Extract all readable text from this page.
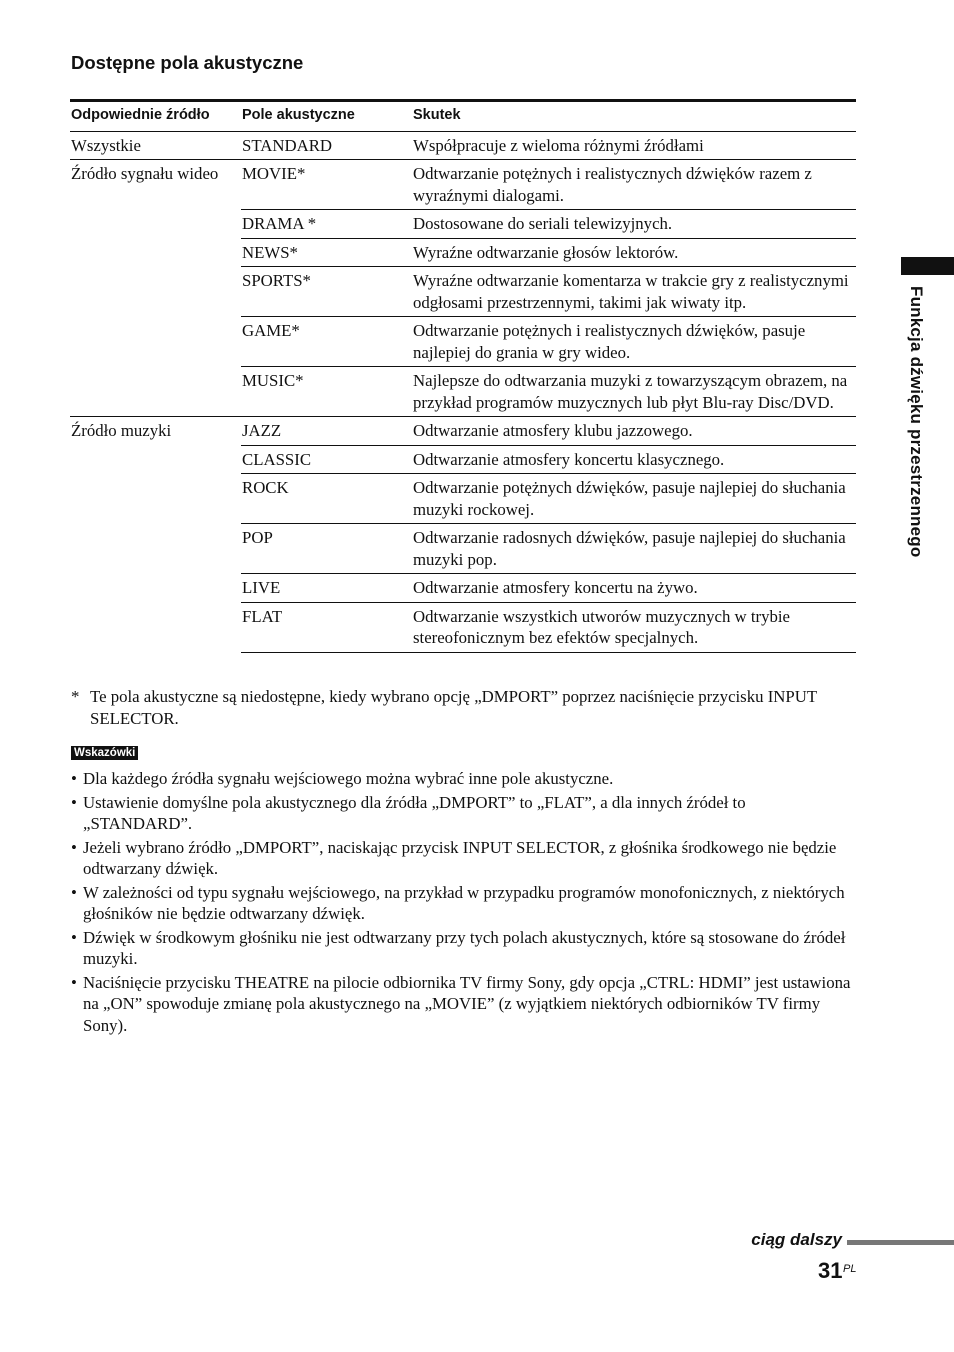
Dostępne pola akustyczne
Odpowiednie źródło	Pole akustyczne	Skutek
Wszystkie	STANDARD	Współpracuje z wieloma różnymi źródłami
Źródło sygnału wideo	MOVIE*	Odtwarzanie potężnych i realistycznych dźwięków razem z wyraźnymi dialogami.
	DRAMA *	Dostosowane do seriali telewizyjnych.
	NEWS*	Wyraźne odtwarzanie głosów lektorów.
	SPORTS*	Wyraźne odtwarzanie komentarza w trakcie gry z realistycznymi odgłosami przestrzennymi, takimi jak wiwaty itp.
	GAME*	Odtwarzanie potężnych i realistycznych dźwięków, pasuje najlepiej do grania w gry wideo.
	MUSIC*	Najlepsze do odtwarzania muzyki z towarzyszącym obrazem, na przykład programów muzycznych lub płyt Blu-ray Disc/DVD.
Źródło muzyki	JAZZ	Odtwarzanie atmosfery klubu jazzowego.
	CLASSIC	Odtwarzanie atmosfery koncertu klasycznego.
	ROCK	Odtwarzanie potężnych dźwięków, pasuje najlepiej do słuchania muzyki rockowej.
	POP	Odtwarzanie radosnych dźwięków, pasuje najlepiej do słuchania muzyki pop.
	LIVE	Odtwarzanie atmosfery koncertu na żywo.
	FLAT	Odtwarzanie wszystkich utworów muzycznych w trybie stereofonicznym bez efektów specjalnych.
* Te pola akustyczne są niedostępne, kiedy wybrano opcję „DMPORT” poprzez naciśnięcie przycisku INPUT SELECTOR.
Wskazówki
• Dla każdego źródła sygnału wejściowego można wybrać inne pole akustyczne.
• Ustawienie domyślne pola akustycznego dla źródła „DMPORT” to „FLAT”, a dla innych źródeł to „STANDARD”.
• Jeżeli wybrano źródło „DMPORT”, naciskając przycisk INPUT SELECTOR, z głośnika środkowego nie będzie odtwarzany dźwięk.
• W zależności od typu sygnału wejściowego, na przykład w przypadku programów monofonicznych, z niektórych głośników nie będzie odtwarzany dźwięk.
• Dźwięk w środkowym głośniku nie jest odtwarzany przy tych polach akustycznych, które są stosowane do źródeł muzyki.
• Naciśnięcie przycisku THEATRE na pilocie odbiornika TV firmy Sony, gdy opcja „CTRL: HDMI” jest ustawiona na „ON” spowoduje zmianę pola akustycznego na „MOVIE” (z wyjątkiem niektórych odbiorników TV firmy Sony).
Funkcja dźwięku przestrzennego
ciąg dalszy
31 PL
